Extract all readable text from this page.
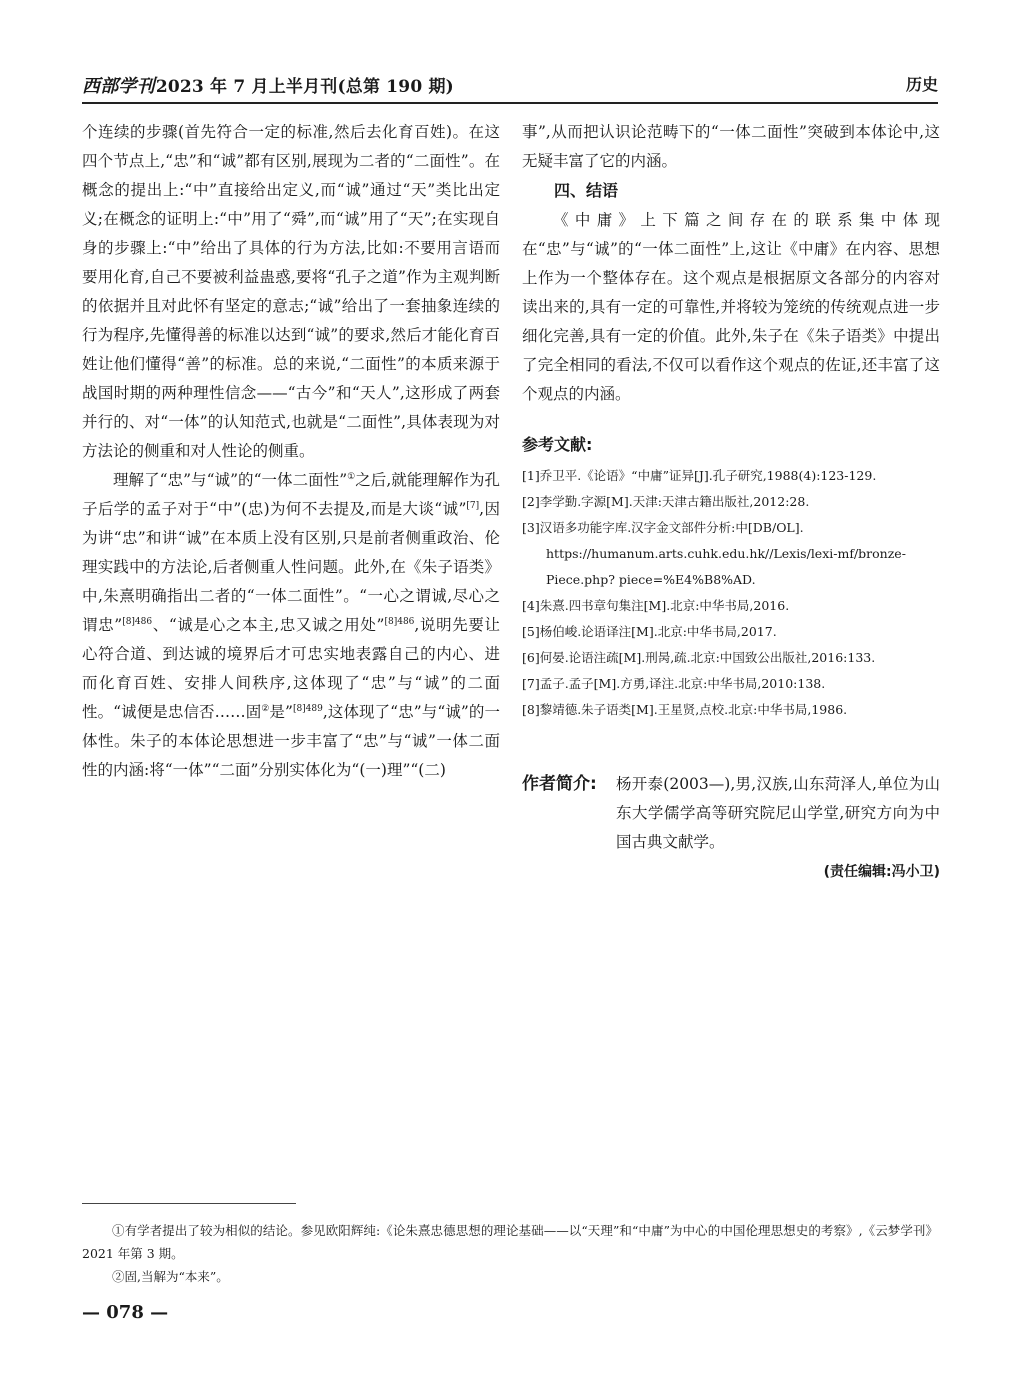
西部学刊2023 年 7 月上半月刊(总第 190 期)	历史

个连续的步骤(首先符合一定的标准,然后去化育百姓)。在这四个节点上,“忠”和“诚”都有区别,展现为二者的“二面性”。在概念的提出上:“中”直接给出定义,而“诚”通过“天”类比出定义;在概念的证明上:“中”用了“舜”,而“诚”用了“天”;在实现自身的步骤上:“中”给出了具体的行为方法,比如:不要用言语而要用化育,自己不要被利益蛊惑,要将“孔子之道”作为主观判断的依据并且对此怀有坚定的意志;“诚”给出了一套抽象连续的行为程序,先懂得善的标准以达到“诚”的要求,然后才能化育百姓让他们懂得“善”的标准。总的来说,“二面性”的本质来源于战国时期的两种理性信念——“古今”和“天人”,这形成了两套并行的、对“一体”的认知范式,也就是“二面性”,具体表现为对方法论的侧重和对人性论的侧重。

理解了“忠”与“诚”的“一体二面性”①之后,就能理解作为孔子后学的孟子对于“中”(忠)为何不去提及,而是大谈“诚”[7],因为讲“忠”和讲“诚”在本质上没有区别,只是前者侧重政治、伦理实践中的方法论,后者侧重人性问题。此外,在《朱子语类》中,朱熹明确指出二者的“一体二面性”。“一心之谓诚,尽心之谓忠”$^{[8]486}$、“诚是心之本主,忠又诚之用处”$^{[8]486}$,说明先要让心符合道、到达诚的境界后才可忠实地表露自己的内心、进而化育百姓、安排人间秩序,这体现了“忠”与“诚”的二面性。“诚便是忠信否……固②是”$^{[8]489}$,这体现了“忠”与“诚”的一体性。朱子的本体论思想进一步丰富了“忠”与“诚”一体二面性的内涵:将“一体”“二面”分别实体化为“(一)理”“(二)

事”,从而把认识论范畴下的“一体二面性”突破到本体论中,这无疑丰富了它的内涵。

四、结语

《中庸》上下篇之间存在的联系集中体现在“忠”与“诚”的“一体二面性”上,这让《中庸》在内容、思想上作为一个整体存在。这个观点是根据原文各部分的内容对读出来的,具有一定的可靠性,并将较为笼统的传统观点进一步细化完善,具有一定的价值。此外,朱子在《朱子语类》中提出了完全相同的看法,不仅可以看作这个观点的佐证,还丰富了这个观点的内涵。

参考文献:
[1]乔卫平.《论语》“中庸”证异[J].孔子研究,1988(4):123-129.
[2]李学勤.字源[M].天津:天津古籍出版社,2012:28.
[3]汉语多功能字库.汉字金文部件分析:中[DB/OL].
https://humanum.arts.cuhk.edu.hk//Lexis/lexi-mf/bronze-
Piece.php? piece=%E4%B8%AD.
[4]朱熹.四书章句集注[M].北京:中华书局,2016.
[5]杨伯峻.论语译注[M].北京:中华书局,2017.
[6]何晏.论语注疏[M].刑昺,疏.北京:中国致公出版社,2016:133.
[7]孟子.孟子[M].方勇,译注.北京:中华书局,2010:138.
[8]黎靖德.朱子语类[M].王星贤,点校.北京:中华书局,1986.
作者简介: 杨开泰(2003—),男,汉族,山东菏泽人,单位为山东大学儒学高等研究院尼山学堂,研究方向为中国古典文献学。
(责任编辑:冯小卫)

①有学者提出了较为相似的结论。参见欧阳辉纯:《论朱熹忠德思想的理论基础——以“天理”和“中庸”为中心的中国伦理思想史的考察》,《云梦学刊》2021 年第 3 期。

②固,当解为“本来”。

— 078 —
